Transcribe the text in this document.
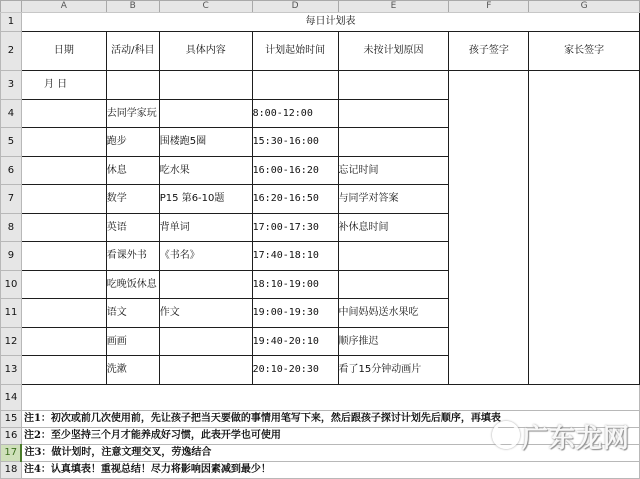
	A	B	C	D	E	F	G
1	每日计划表						
2	日期	活动/科目	具体内容	计划起始时间	未按计划原因	孩子签字	家长签字
3	月 日						
4		去同学家玩		8:00-12:00			
5		跑步	围楼跑5圈	15:30-16:00			
6		休息	吃水果	16:00-16:20	忘记时间		
7		数学	P15 第6-10题	16:20-16:50	与同学对答案		
8		英语	背单词	17:00-17:30	补休息时间		
9		看课外书	《书名》	17:40-18:10			
10		吃晚饭休息		18:10-19:00			
11		语文	作文	19:00-19:30	中间妈妈送水果吃		
12		画画		19:40-20:10	顺序推迟		
13		洗漱		20:10-20:30	看了15分钟动画片		
14							
15	注1：初次或前几次使用前，先让孩子把当天要做的事情用笔写下来，然后跟孩子探讨计划先后顺序，再填表						
16	注2：至少坚持三个月才能养成好习惯，此表开学也可使用						
17	注3：做计划时，注意文理交叉，劳逸结合						
18	注4：认真填表！重视总结！尽力将影响因素减到最少！						
广东龙网
